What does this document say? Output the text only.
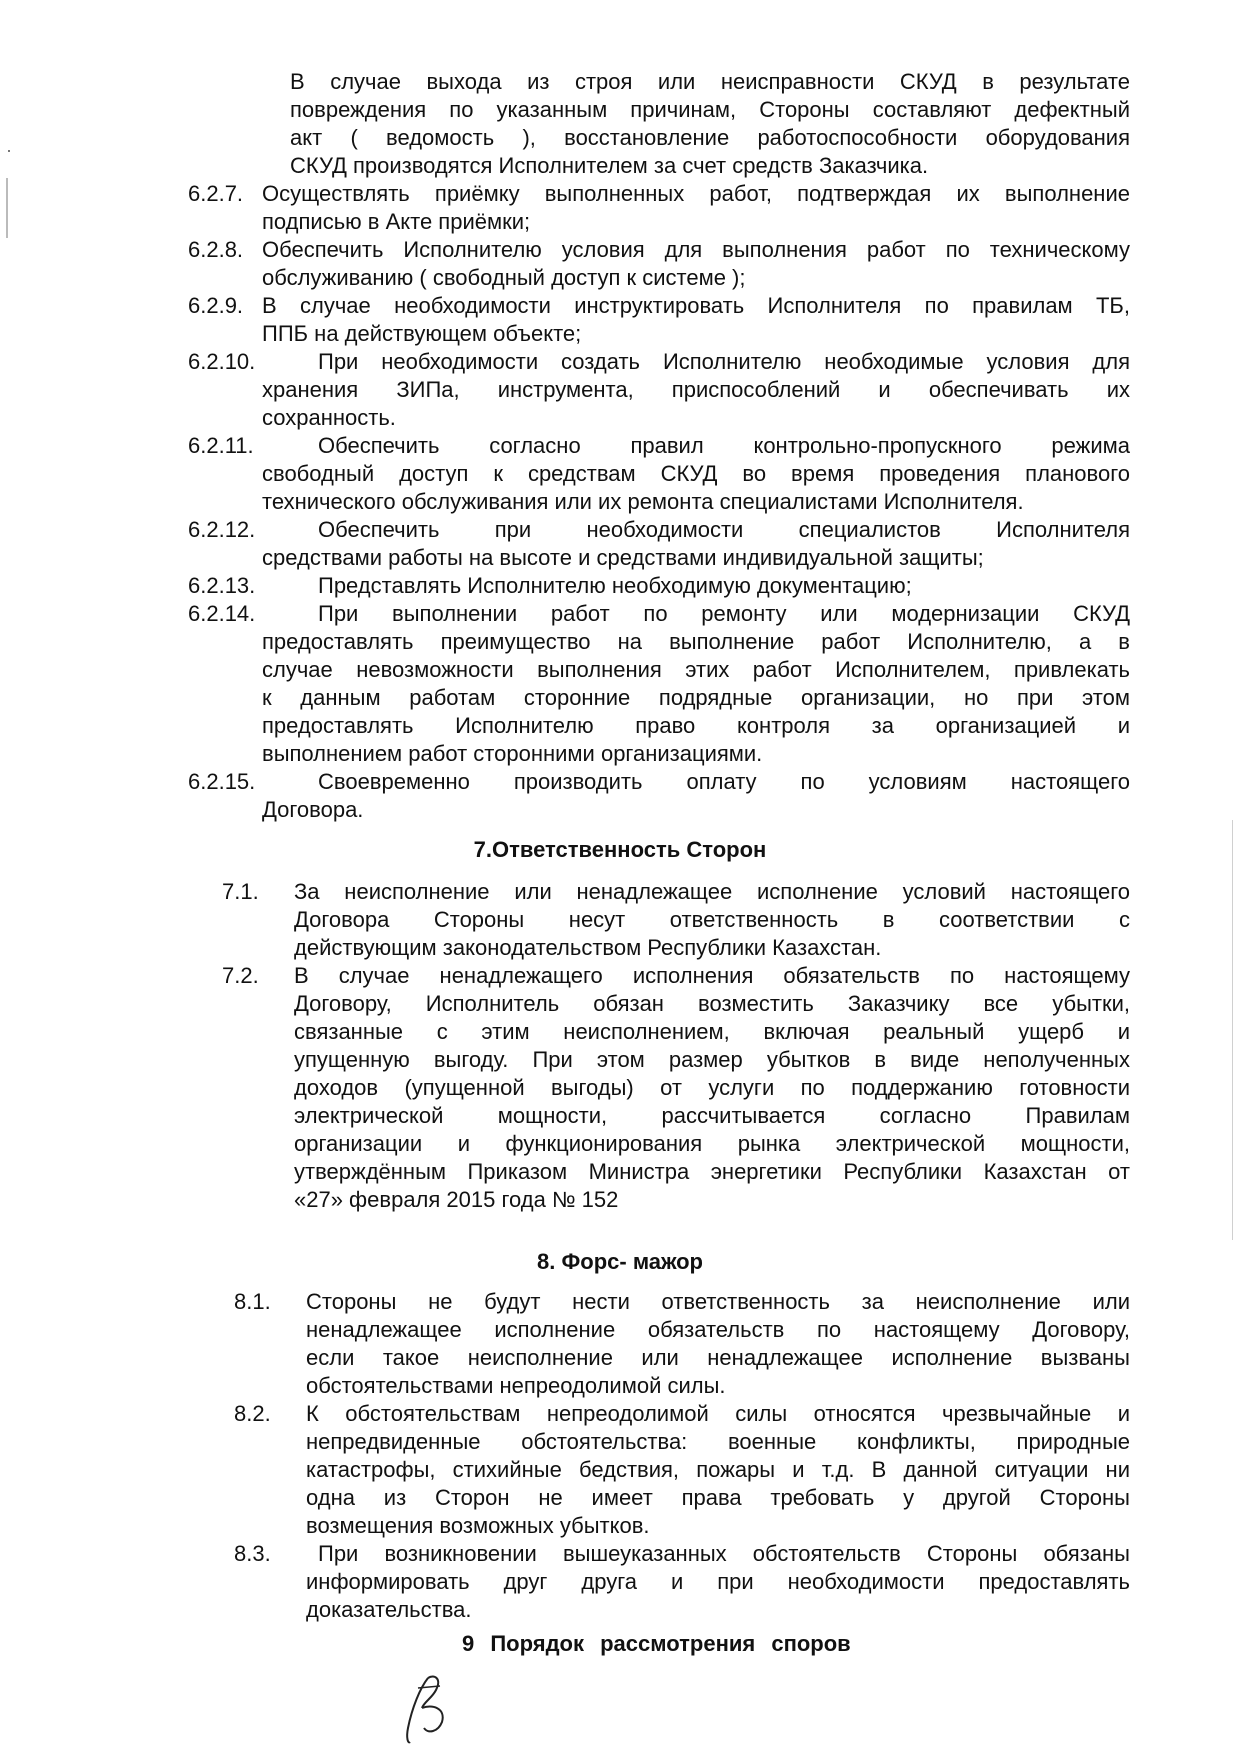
В случае выхода из строя или неисправности СКУД в результате
повреждения по указанным причинам, Стороны составляют дефектный
акт ( ведомость ), восстановление работоспособности оборудования
СКУД производятся Исполнителем за счет средств Заказчика.
6.2.7. Осуществлять приёмку выполненных работ, подтверждая их выполнение
подписью в Акте приёмки;
6.2.8. Обеспечить Исполнителю условия для выполнения работ по техническому
обслуживанию ( свободный доступ к системе );
6.2.9. В случае необходимости инструктировать Исполнителя по правилам ТБ,
ППБ на действующем объекте;
6.2.10.	При необходимости создать Исполнителю необходимые условия для
хранения ЗИПа, инструмента, приспособлений и обеспечивать их
сохранность.
6.2.11.	Обеспечить согласно правил контрольно-пропускного режима
свободный доступ к средствам СКУД во время проведения планового
технического обслуживания или их ремонта специалистами Исполнителя.
6.2.12.	Обеспечить при необходимости специалистов Исполнителя
средствами работы на высоте и средствами индивидуальной защиты;
6.2.13.	Представлять Исполнителю необходимую документацию;
6.2.14.	При выполнении работ по ремонту или модернизации СКУД
предоставлять преимущество на выполнение работ Исполнителю, а в
случае невозможности выполнения этих работ Исполнителем, привлекать
к данным работам сторонние подрядные организации, но при этом
предоставлять Исполнителю право контроля за организацией и
выполнением работ сторонними организациями.
6.2.15.	Своевременно производить оплату по условиям настоящего
Договора.
7.Ответственность Сторон
7.1. За неисполнение или ненадлежащее исполнение условий настоящего
Договора Стороны несут ответственность в соответствии с
действующим законодательством Республики Казахстан.
7.2. В случае ненадлежащего исполнения обязательств по настоящему
Договору, Исполнитель обязан возместить Заказчику все убытки,
связанные с этим неисполнением, включая реальный ущерб и
упущенную выгоду. При этом размер убытков в виде неполученных
доходов (упущенной выгоды) от услуги по поддержанию готовности
электрической мощности, рассчитывается согласно Правилам
организации и функционирования рынка электрической мощности,
утверждённым Приказом Министра энергетики Республики Казахстан от
«27» февраля 2015 года № 152
8. Форс- мажор
8.1. Стороны не будут нести ответственность за неисполнение или
ненадлежащее исполнение обязательств по настоящему Договору,
если такое неисполнение или ненадлежащее исполнение вызваны
обстоятельствами непреодолимой силы.
8.2. К обстоятельствам непреодолимой силы относятся чрезвычайные и
непредвиденные обстоятельства: военные конфликты, природные
катастрофы, стихийные бедствия, пожары и т.д. В данной ситуации ни
одна из Сторон не имеет права требовать у другой Стороны
возмещения возможных убытков.
8.3. При возникновении вышеуказанных обстоятельств Стороны обязаны
информировать друг друга и при необходимости предоставлять
доказательства.
9 Порядок рассмотрения споров
